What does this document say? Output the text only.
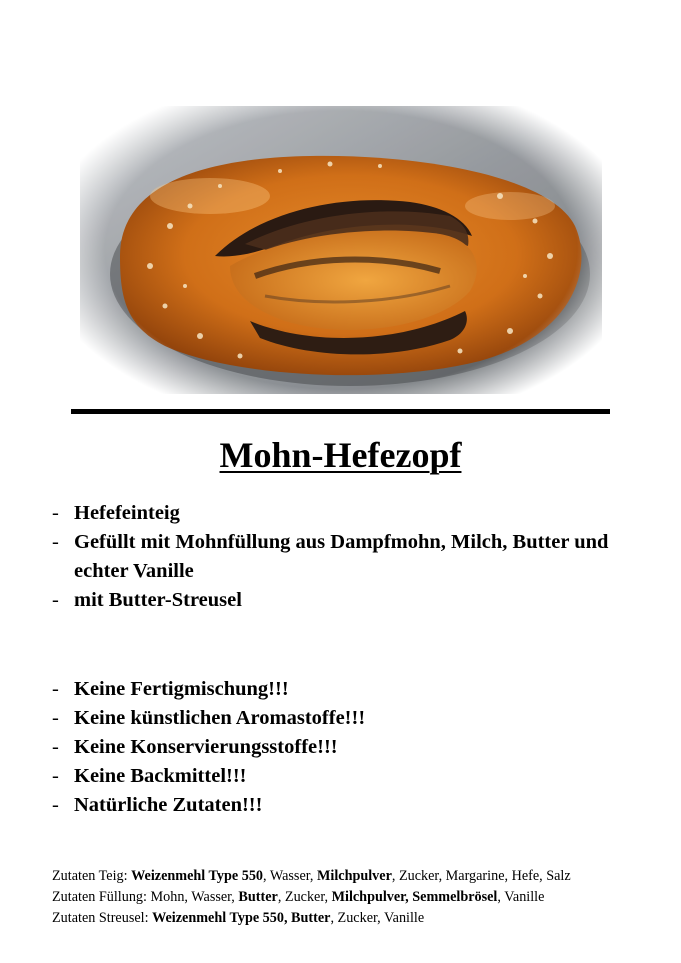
Mohn-Hefezopf
- Hefefeinteig
- Gefüllt mit Mohnfüllung aus Dampfmohn, Milch, Butter und echter Vanille
- mit Butter-Streusel
- Keine Fertigmischung!!!
- Keine künstlichen Aromastoffe!!!
- Keine Konservierungsstoffe!!!
- Keine Backmittel!!!
- Natürliche Zutaten!!!
Zutaten Teig: Weizenmehl Type 550, Wasser, Milchpulver, Zucker, Margarine, Hefe, Salz
Zutaten Füllung: Mohn, Wasser, Butter, Zucker, Milchpulver, Semmelbrösel, Vanille
Zutaten Streusel: Weizenmehl Type 550, Butter, Zucker, Vanille
